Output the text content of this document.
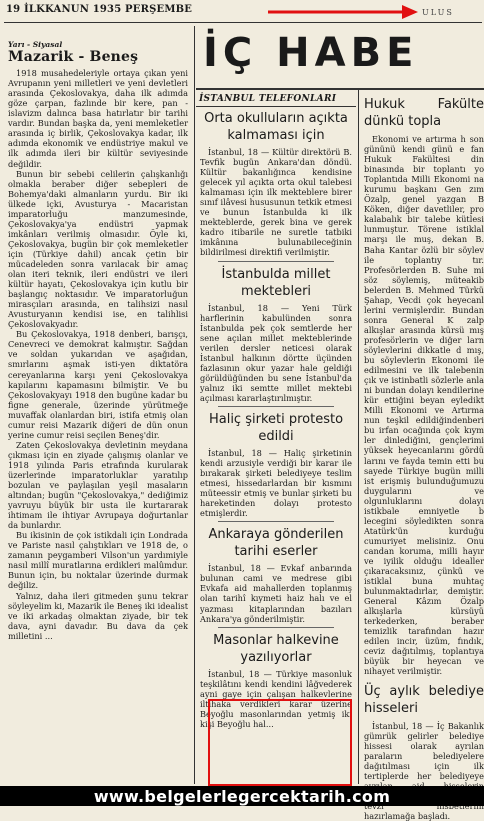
19 İLKKANUN 1935 PERŞEMBE	ULUS
Yarı - Siyasal
Mazarik - Beneş

1918 musahedeleriyle ortaya çıkan yeni Avrupanın yeni milletleri ve yeni devletleri arasında Çekoslovakya, daha ilk adımda göze çarpan, fazlınde bir kere, pan - islavizm dalınca basa hatırlatır bir tarihi vardır. Bundan başka da, yeni memleketler arasında iç birlik, Çekoslovakya kadar, ilk adımda ekonomik ve endüstriye makul ve ilk adımda ileri bir kültür seviyesinde değildir.

Bunun bir sebebi celilerin çalışkanlığı olmakla beraber diğer sebepleri de Bohemya'daki almanların yurdu. Bir iki ülkede içki, Avusturya - Macaristan imparatorluğu manzumesinde, Çekoslovakya'ya endüstri yapmak imkânları verilmiş olmasıdır. Öyle ki, Çekoslovakya, bugün bir çok memleketler için (Türkiye dahil) ancak çetin bir mücadeleden sonra varılacak bir amaç olan iteri teknik, ileri endüstri ve ileri kültür hayatı, Çekoslovakya için kutlu bir başlangıç noktasıdır. Ve imparatorluğun mirasçıları arasında, en talihsizi nasıl Avusturyanın kendisi ise, en talihlisi Çekoslovakyadır.

Bu Çekoslovakya, 1918 denberi, barışçı, Cenevreci ve demokrat kalmıştır. Sağdan ve soldan yukarıdan ve aşağıdan, smırlarını aşmak isti-yen diktatöra cereyanlarına karşı yeni Çekoslovakya kapılarını kapamasını bilmiştir. Ve bu Çekoslovakyayı 1918 den bugüne kadar bu figne generale, üzerinde yürütmeğe muvaffak olanlardan biri, istifa etmiş olan cumur reisi Mazarik diğeri de dün onun yerine cumur reisi seçilen Beneş'dir.

Zaten Çekoslovakya devletinin meydana çıkması için en ziyade çalışmış olanlar ve 1918 yılında Paris etrafında kurularak üzerlerinde imparatorluklar yaratılıp bozulan ve paylaşılan yeşil masaların altından; bugün "Çekoslovakya," dediğimiz yavruyu büyük bir usta ile kurtararak ihtimam ile ihtiyar Avrupaya doğurtanlar da bunlardır.

Bu ikisinin de çok istikdali için Londrada ve Pariste nasıl çalıştıkları ve 1918 de, o zamanın peygamberi Vilson'un yardımiyle nasıl millî muratlarına erdikleri malûmdur. Bunun için, bu noktalar üzerinde durmak değiliz.

Yalnız, daha ileri gitmeden şunu tekrar söyleyelim ki, Mazarik ile Beneş iki idealist ve iki arkadaş olmaktan ziyade, bir tek dava, ayni davadır. Bu dava da çek milletini ...

İÇ HABE
İSTANBUL TELEFONLARI
Orta okulluların açıkta kalmaması için

İstanbul, 18 — Kültür direktörü B. Tevfik bugün Ankara'dan döndü. Kültür bakanlığınca kendisine gelecek yıl açıkta orta okul talebesi kalmaması için ilk mekteblere birer sınıf ilâvesi hususunun tetkik etmesi ve bunun İstanbulda ki ilk mekteblerde, gerek bina ve gerek kadro itibarile ne suretle tatbiki imkânına bulunabileceğinin bildirilmesi direktifi verilmiştir.

İstanbulda millet mektebleri

İstanbul, 18 — Yeni Türk harflerinin kabulünden sonra İstanbulda pek çok semtlerde her sene açılan millet mekteblerinde verilen dersler neticesi olarak İstanbul halkının dörtte üçünden fazlasının okur yazar hale geldiği görüldüğünden bu sene İstanbul'da yalnız iki semtte millet mektebi açılması kararlaştırılmıştır.

Haliç şirketi protesto edildi

İstanbul, 18 — Haliç şirketinin kendi arzusiyle verdiği bir karar ile bırakarak şirketi belediyeye teslim etmesi, hissedarlardan bir kısmını müteessir etmiş ve bunlar şirketi bu hareketinden dolayı protesto etmişlerdir.

Ankaraya gönderilen tarihi eserler

İstanbul, 18 — Evkaf anbarında bulunan cami ve medrese gibi Evkafa aid mahallerden toplanmış olan tarihî kıymeti haiz halı ve el yazması kitaplarından bazıları Ankara'ya gönderilmiştir.

Masonlar halkevine yazılıyorlar

İstanbul, 18 — Türkiye masonluk teşkilâtını kendi kendini lâğvederek ayni gaye için çalışan halkevlerine iltihaka verdikleri karar üzerine Beyoğlu masonlarından yetmiş iki kişi Beyoğlu hal...

Hukuk Fakülte dünkü topla

Ekonomi ve artırma h son gününü kendi günü e fan Hukuk Fakültesi din binasında bir toplantı yo Toplantıda Milli Ekonomi na kurumu başkanı Gen zım Özalp, genel yazgan B Köken, diğer davetliler, pro kalabalık bir talebe kütlesi lunmuştur. Törene istiklal marşı ile muş, dekan B. Baha Kantar özlü bir söylev ile toplantıy tır. Profesörlerden B. Suhe mi söz söylemiş, müteakib belerden B. Mehmed Türkü Şahap, Vecdi çok heyecanl lerini vermişlerdir. Bundan sonra General K zalp alkışlar arasında kürsü mış profesörlerin ve diğer larn söylevlerini dikkatle d mış, bu söylevlerin Ekonomi ile edilmesini ve ilk talebenin çık ve istinbatli sözlerle anla ni bundan dolayı kendilerine kür ettiğini beyan eyledikt Milli Ekonomi ve Artırma nun teşkil edildiğindenberi bu irfan ocağında çok kıym ler dinlediğini, gençlerimi yüksek heyecanlarını gördü larını ve fayda temin etti bu sayede Türkiye bugün milli ist erişmiş bulunduğumuzu duygularını ve olgunluklarını dolayı istikbale emniyetle b lecegini söyledikten sonra Atatürk'ün kurduğu cumuriyet melisiniz. Onu candan koruma, milli hayır ve iyilik olduğu idealler çıkaracaksınız, çünkü ve istiklal buna muhtaç bulunmaktadırlar, demiştir. General Kâzım Özalp alkışlarla kürsüyü terkederken, beraber temizlik tarafından hazır edilen incir, üzüm, fındık, ceviz dağıtılmış, toplantıya büyük bir heyecan ve nihayet verilmiştir.

Üç aylık belediye hisseleri

İstanbul, 18 — İç Bakanlık gümrük gelirler belediye hissesi olarak ayrılan paraların belediyelere dağıtılması için ilk tertiplerde her belediyeye hazırlamağa başladı.

www.belgelerlegercektarih.com
